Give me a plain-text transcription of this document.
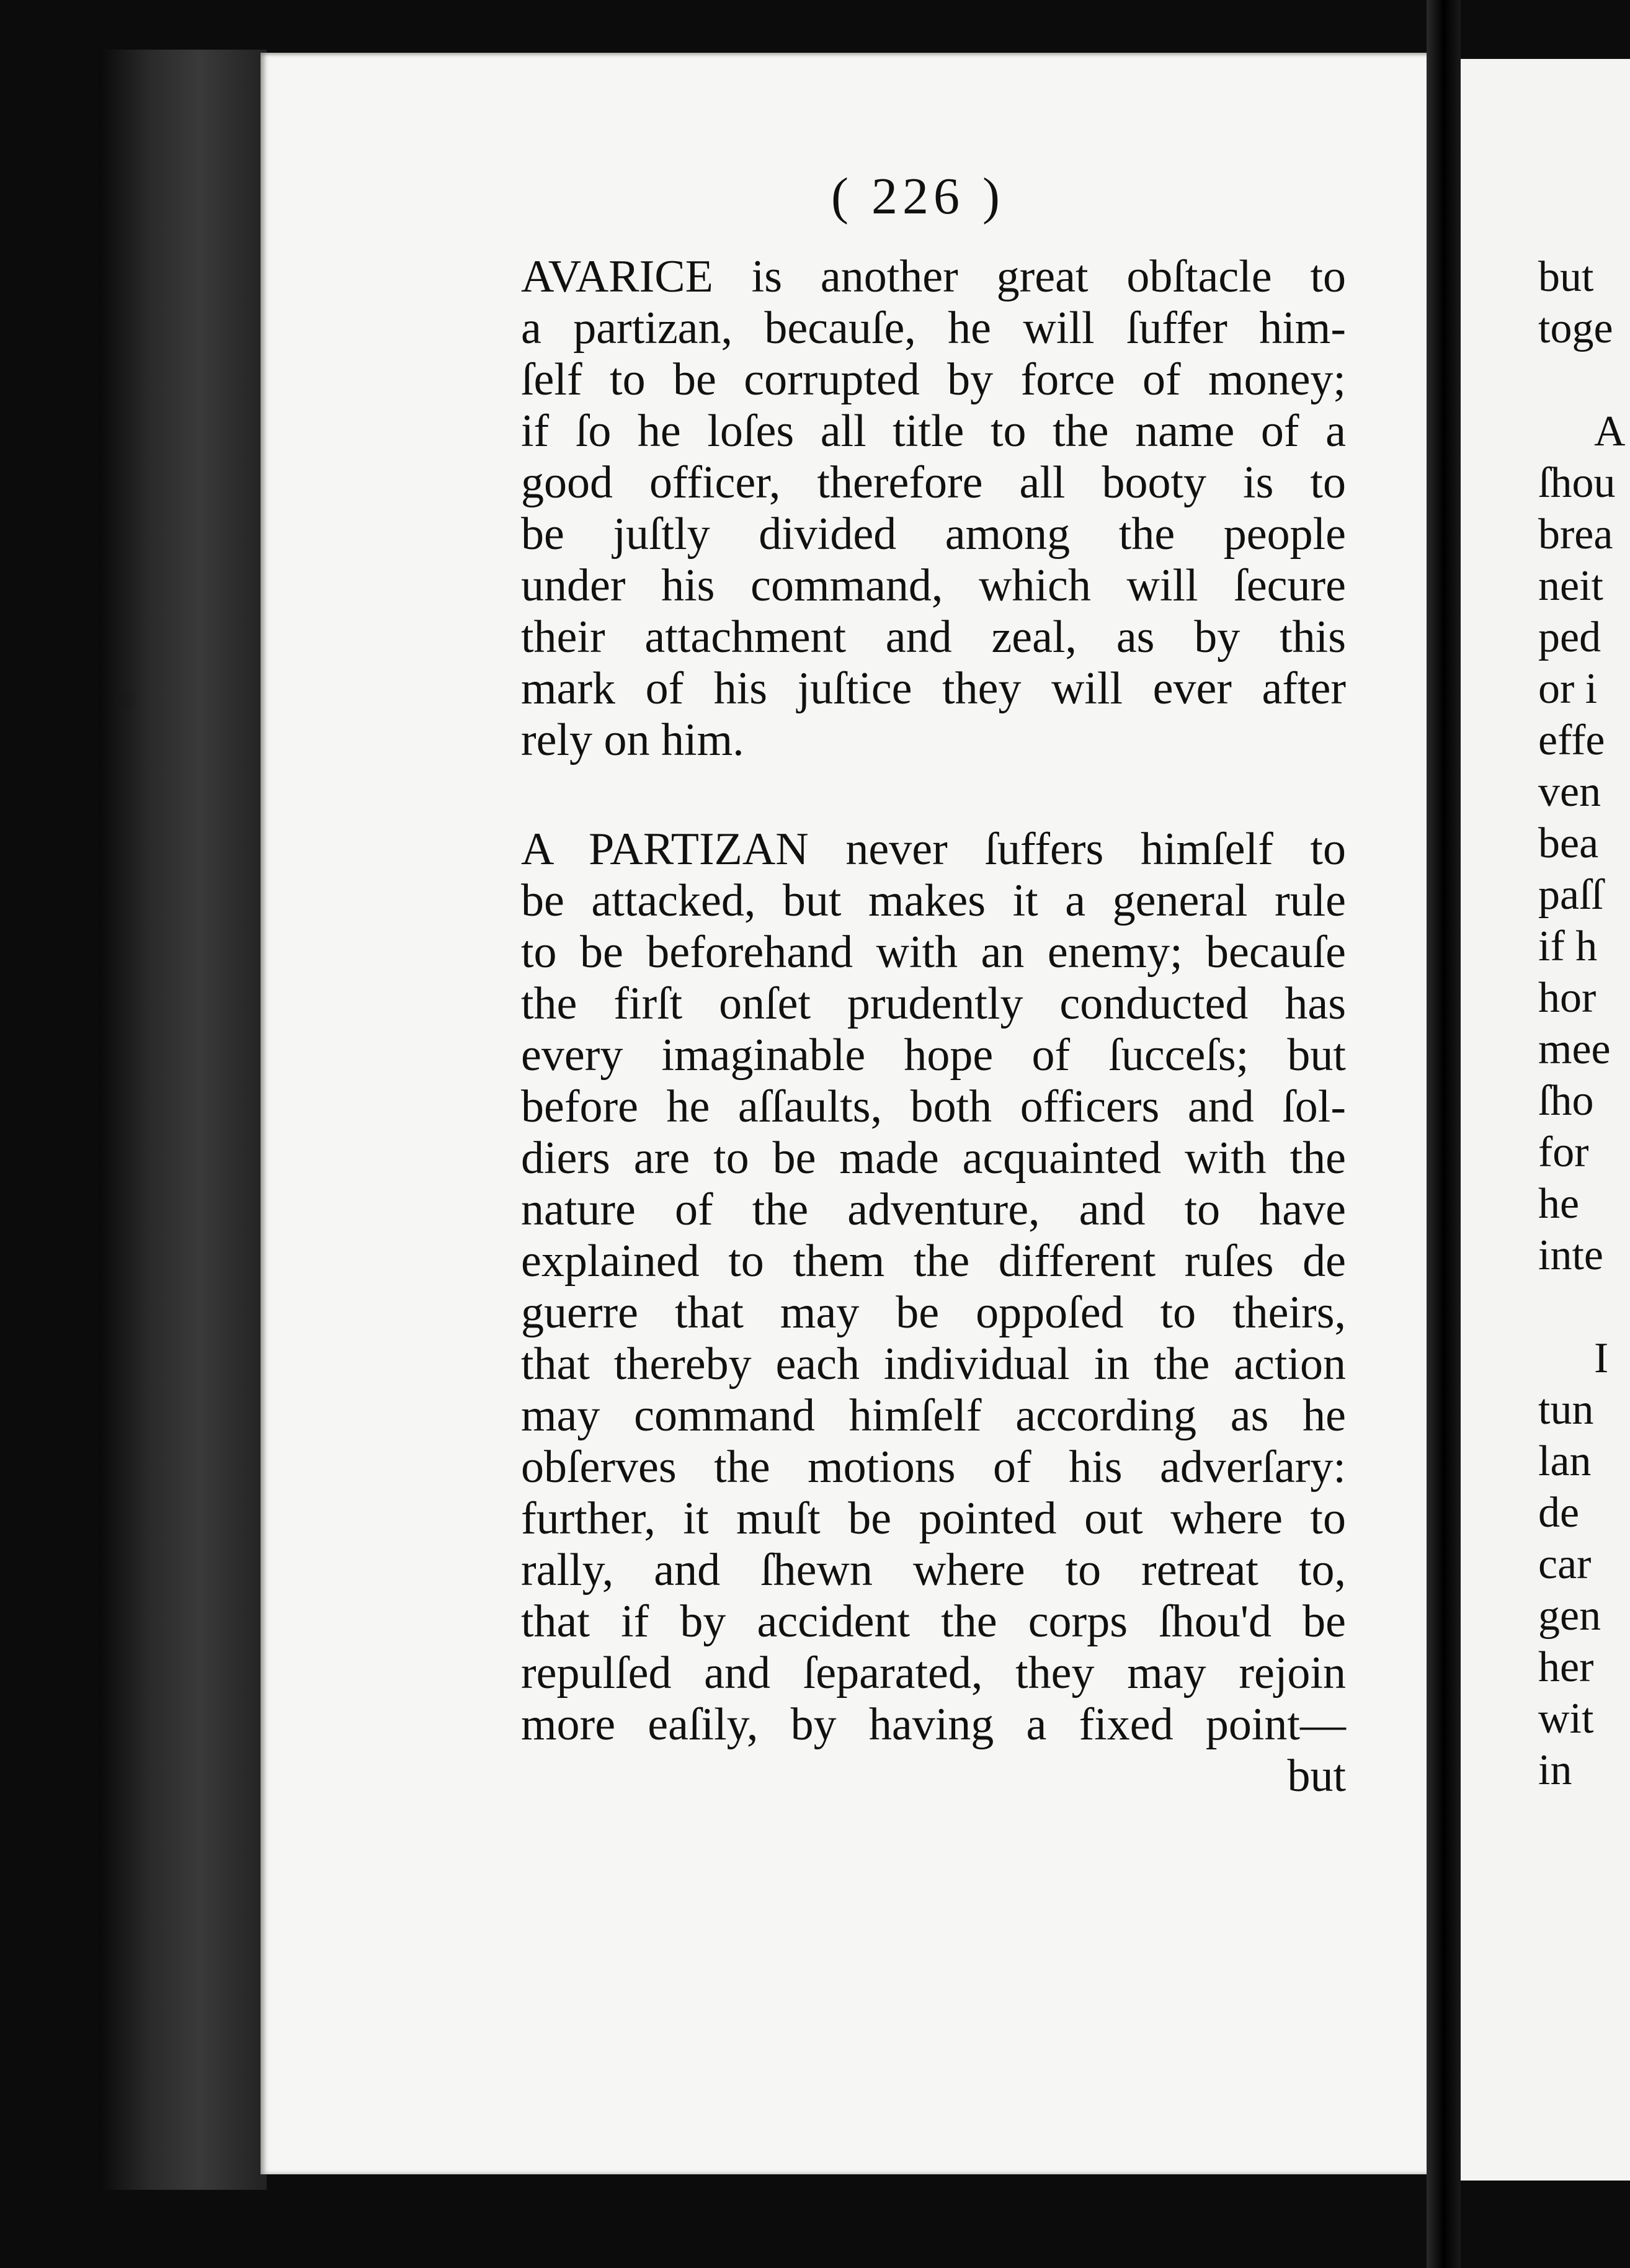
( 226 )
AVARICE is another great obſtacle to
a partizan, becauſe, he will ſuffer him-
ſelf to be corrupted by force of money;
if ſo he loſes all title to the name of a
good officer, therefore all booty is to
be juſtly divided among the people
under his command, which will ſecure
their attachment and zeal, as by this
mark of his juſtice they will ever after
rely on him.
A PARTIZAN never ſuffers himſelf to
be attacked, but makes it a general rule
to be beforehand with an enemy; becauſe
the firſt onſet prudently conducted has
every imaginable hope of ſucceſs; but
before he aſſaults, both officers and ſol-
diers are to be made acquainted with the
nature of the adventure, and to have
explained to them the different ruſes de
guerre that may be oppoſed to theirs,
that thereby each individual in the action
may command himſelf according as he
obſerves the motions of his adverſary:
further, it muſt be pointed out where to
rally, and ſhewn where to retreat to,
that if by accident the corps ſhou'd be
repulſed and ſeparated, they may rejoin
more eaſily, by having a fixed point—
but
but
toge
A
ſhou
brea
neit
ped
or i
effe
ven
bea
paſſ
if h
hor
mee
ſho
for
he
inte
I
tun
lan
de
car
gen
her
wit
in
